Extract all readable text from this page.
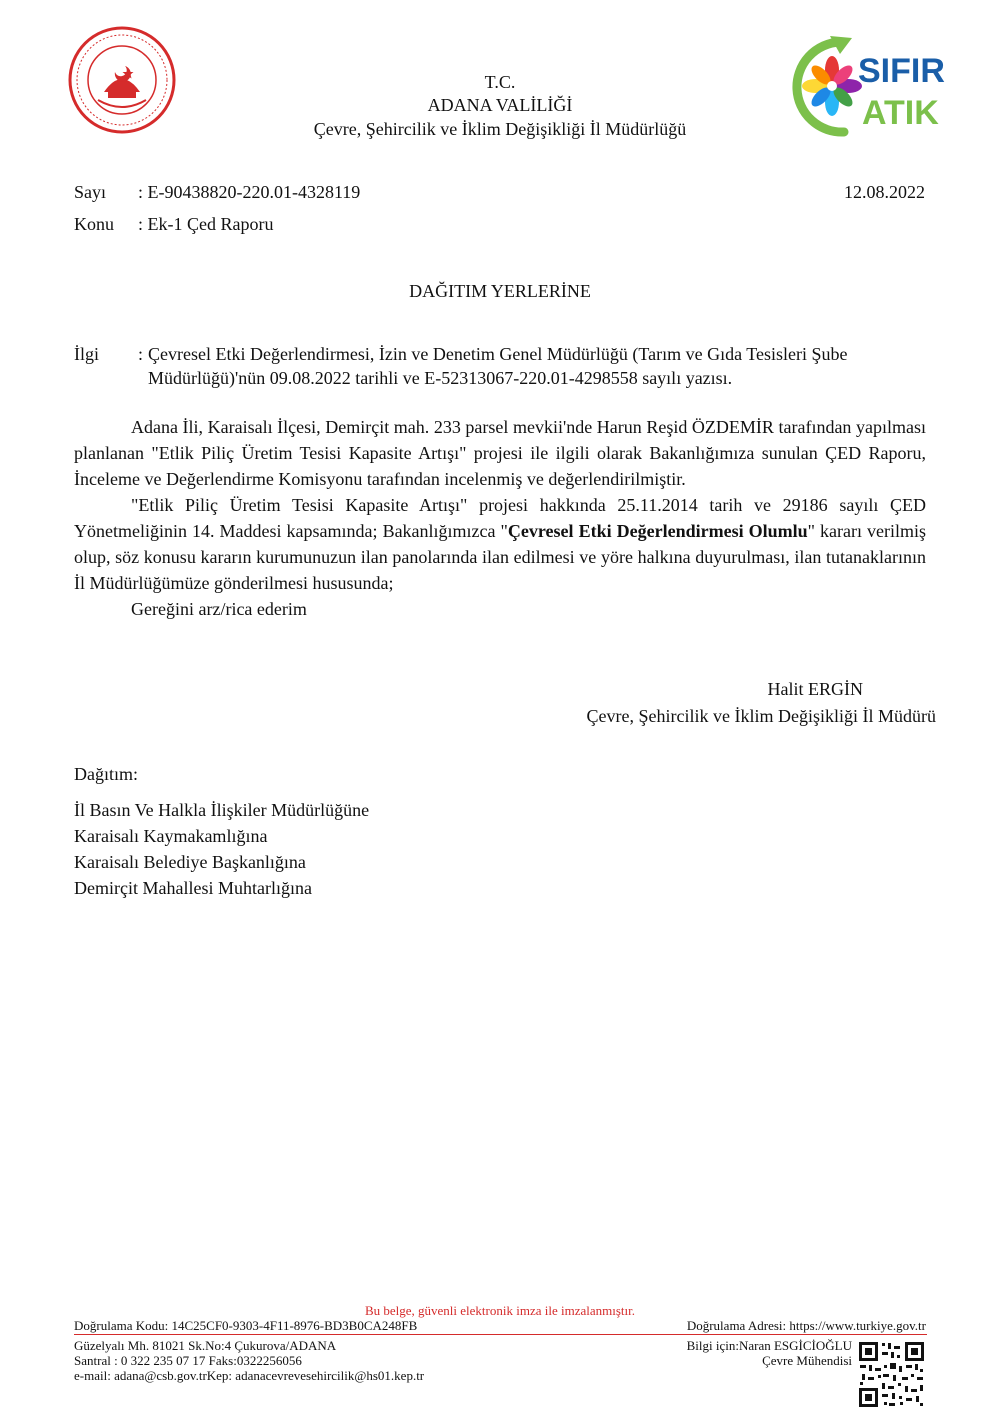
SIFIR
ATIK
T.C.
ADANA VALİLİĞİ
Çevre, Şehircilik ve İklim Değişikliği İl Müdürlüğü
Sayı : E-90438820-220.01-4328119	12.08.2022
Konu : Ek-1 Çed Raporu
DAĞITIM YERLERİNE
İlgi : Çevresel Etki Değerlendirmesi, İzin ve Denetim Genel Müdürlüğü (Tarım ve Gıda Tesisleri Şube Müdürlüğü)'nün 09.08.2022 tarihli ve E-52313067-220.01-4298558 sayılı yazısı.

Adana İli, Karaisalı İlçesi, Demirçit mah. 233 parsel mevkii'nde Harun Reşid ÖZDEMİR tarafından yapılması planlanan "Etlik Piliç Üretim Tesisi Kapasite Artışı" projesi ile ilgili olarak Bakanlığımıza sunulan ÇED Raporu, İnceleme ve Değerlendirme Komisyonu tarafından incelenmiş ve değerlendirilmiştir.

"Etlik Piliç Üretim Tesisi Kapasite Artışı" projesi hakkında 25.11.2014 tarih ve 29186 sayılı ÇED Yönetmeliğinin 14. Maddesi kapsamında; Bakanlığımızca "Çevresel Etki Değerlendirmesi Olumlu" kararı verilmiş olup, söz konusu kararın kurumunuzun ilan panolarında ilan edilmesi ve yöre halkına duyurulması, ilan tutanaklarının İl Müdürlüğümüze gönderilmesi hususunda;

Gereğini arz/rica ederim

Halit ERGİN
Çevre, Şehircilik ve İklim Değişikliği İl Müdürü
Dağıtım:
İl Basın Ve Halkla İlişkiler Müdürlüğüne
Karaisalı Kaymakamlığına
Karaisalı Belediye Başkanlığına
Demirçit Mahallesi Muhtarlığına
Bu belge, güvenli elektronik imza ile imzalanmıştır.
Doğrulama Kodu: 14C25CF0-9303-4F11-8976-BD3B0CA248FB	Doğrulama Adresi: https://www.turkiye.gov.tr
Güzelyalı Mh. 81021 Sk.No:4 Çukurova/ADANA
Santral : 0 322 235 07 17 Faks:0322256056
e-mail: adana@csb.gov.trKep: adanacevrevesehircilik@hs01.kep.tr
Bilgi için:Naran ESGİCİOĞLU
Çevre Mühendisi
